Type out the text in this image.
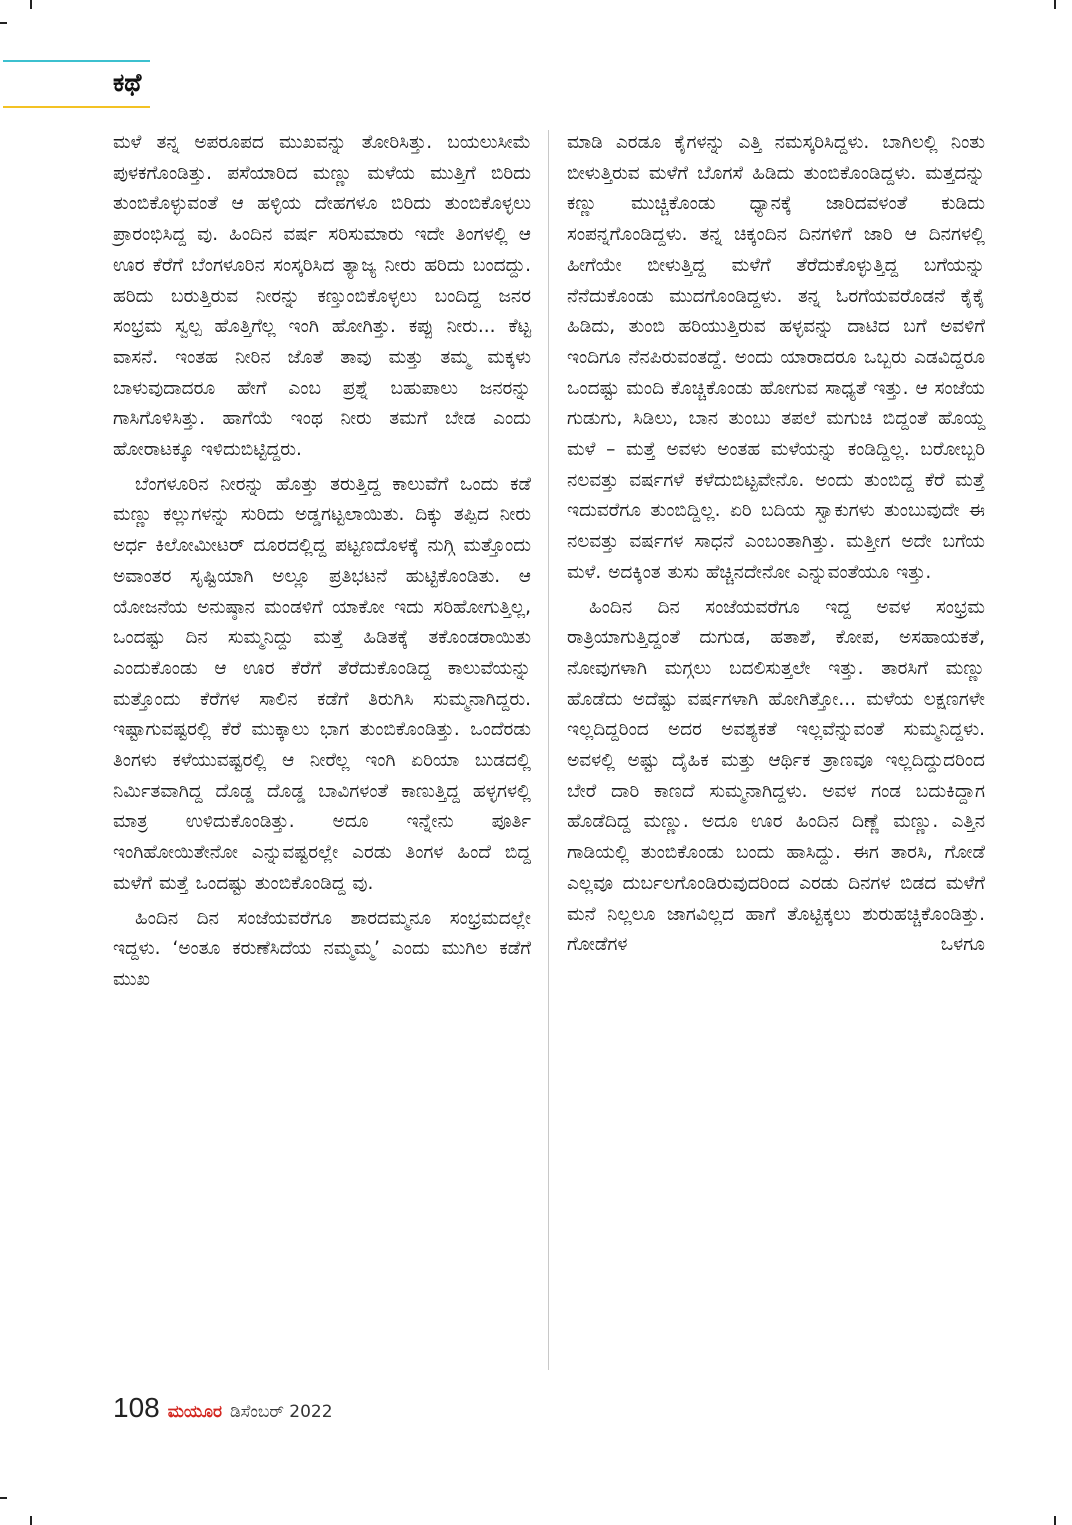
ಕಥೆ

ಮಳೆ ತನ್ನ ಅಪರೂಪದ ಮುಖವನ್ನು ತೋರಿಸಿತ್ತು. ಬಯಲುಸೀಮೆ ಪುಳಕಗೊಂಡಿತ್ತು. ಪಸೆಯಾರಿದ ಮಣ್ಣು ಮಳೆಯ ಮುತ್ತಿಗೆ ಬಿರಿದು ತುಂಬಿಕೊಳ್ಳುವಂತೆ ಆ ಹಳ್ಳಿಯ ದೇಹಗಳೂ ಬಿರಿದು ತುಂಬಿಕೊಳ್ಳಲು ಪ್ರಾರಂಭಿಸಿದ್ದ ವು. ಹಿಂದಿನ ವರ್ಷ ಸರಿಸುಮಾರು ಇದೇ ತಿಂಗಳಲ್ಲಿ ಆ ಊರ ಕೆರೆಗೆ ಬೆಂಗಳೂರಿನ ಸಂಸ್ಕರಿಸಿದ ತ್ಯಾಜ್ಯ ನೀರು ಹರಿದು ಬಂದದ್ದು. ಹರಿದು ಬರುತ್ತಿರುವ ನೀರನ್ನು ಕಣ್ತುಂಬಿಕೊಳ್ಳಲು ಬಂದಿದ್ದ ಜನರ ಸಂಭ್ರಮ ಸ್ವಲ್ಪ ಹೊತ್ತಿಗೆಲ್ಲ ಇಂಗಿ ಹೋಗಿತ್ತು. ಕಪ್ಪು ನೀರು... ಕೆಟ್ಟ ವಾಸನೆ. ಇಂತಹ ನೀರಿನ ಜೊತೆ ತಾವು ಮತ್ತು ತಮ್ಮ ಮಕ್ಕಳು ಬಾಳುವುದಾದರೂ ಹೇಗೆ ಎಂಬ ಪ್ರಶ್ನೆ ಬಹುಪಾಲು ಜನರನ್ನು ಗಾಸಿಗೊಳಿಸಿತ್ತು. ಹಾಗೆಯೆ ಇಂಥ ನೀರು ತಮಗೆ ಬೇಡ ಎಂದು ಹೋರಾಟಕ್ಕೂ ಇಳಿದುಬಿಟ್ಟಿದ್ದರು.

ಬೆಂಗಳೂರಿನ ನೀರನ್ನು ಹೊತ್ತು ತರುತ್ತಿದ್ದ ಕಾಲುವೆಗೆ ಒಂದು ಕಡೆ ಮಣ್ಣು ಕಲ್ಲುಗಳನ್ನು ಸುರಿದು ಅಡ್ಡಗಟ್ಟಲಾಯಿತು. ದಿಕ್ಕು ತಪ್ಪಿದ ನೀರು ಅರ್ಧ ಕಿಲೋಮೀಟರ್ ದೂರದಲ್ಲಿದ್ದ ಪಟ್ಟಣದೊಳಕ್ಕೆ ನುಗ್ಗಿ ಮತ್ತೊಂದು ಅವಾಂತರ ಸೃಷ್ಟಿಯಾಗಿ ಅಲ್ಲೂ ಪ್ರತಿಭಟನೆ ಹುಟ್ಟಿಕೊಂಡಿತು. ಆ ಯೋಜನೆಯ ಅನುಷ್ಠಾನ ಮಂಡಳಿಗೆ ಯಾಕೋ ಇದು ಸರಿಹೋಗುತ್ತಿಲ್ಲ, ಒಂದಷ್ಟು ದಿನ ಸುಮ್ಮನಿದ್ದು ಮತ್ತೆ ಹಿಡಿತಕ್ಕೆ ತಕೊಂಡರಾಯಿತು ಎಂದುಕೊಂಡು ಆ ಊರ ಕೆರೆಗೆ ತೆರೆದುಕೊಂಡಿದ್ದ ಕಾಲುವೆಯನ್ನು ಮತ್ತೊಂದು ಕೆರೆಗಳ ಸಾಲಿನ ಕಡೆಗೆ ತಿರುಗಿಸಿ ಸುಮ್ಮನಾಗಿದ್ದರು. ಇಷ್ಟಾಗುವಷ್ಟರಲ್ಲಿ ಕೆರೆ ಮುಕ್ಕಾಲು ಭಾಗ ತುಂಬಿಕೊಂಡಿತ್ತು. ಒಂದೆರಡು ತಿಂಗಳು ಕಳೆಯುವಷ್ಟರಲ್ಲಿ ಆ ನೀರೆಲ್ಲ ಇಂಗಿ ಏರಿಯಾ ಬುಡದಲ್ಲಿ ನಿರ್ಮಿತವಾಗಿದ್ದ ದೊಡ್ಡ ದೊಡ್ಡ ಬಾವಿಗಳಂತೆ ಕಾಣುತ್ತಿದ್ದ ಹಳ್ಳಗಳಲ್ಲಿ ಮಾತ್ರ ಉಳಿದುಕೊಂಡಿತ್ತು. ಅದೂ ಇನ್ನೇನು ಪೂರ್ತಿ ಇಂಗಿಹೋಯಿತೇನೋ ಎನ್ನುವಷ್ಟರಲ್ಲೇ ಎರಡು ತಿಂಗಳ ಹಿಂದೆ ಬಿದ್ದ ಮಳೆಗೆ ಮತ್ತೆ ಒಂದಷ್ಟು ತುಂಬಿಕೊಂಡಿದ್ದ ವು.

ಹಿಂದಿನ ದಿನ ಸಂಜೆಯವರೆಗೂ ಶಾರದಮ್ಮನೂ ಸಂಭ್ರಮದಲ್ಲೇ ಇದ್ದಳು. ‘ಅಂತೂ ಕರುಣೆಸಿದೆಯ ನಮ್ಮಮ್ಮ’ ಎಂದು ಮುಗಿಲ ಕಡೆಗೆ ಮುಖ

ಮಾಡಿ ಎರಡೂ ಕೈಗಳನ್ನು ಎತ್ತಿ ನಮಸ್ಕರಿಸಿದ್ದಳು. ಬಾಗಿಲಲ್ಲಿ ನಿಂತು ಬೀಳುತ್ತಿರುವ ಮಳೆಗೆ ಬೊಗಸೆ ಹಿಡಿದು ತುಂಬಿಕೊಂಡಿದ್ದಳು. ಮತ್ತದನ್ನು ಕಣ್ಣು ಮುಚ್ಚಿಕೊಂಡು ಧ್ಯಾನಕ್ಕೆ ಜಾರಿದವಳಂತೆ ಕುಡಿದು ಸಂಪನ್ನಗೊಂಡಿದ್ದಳು. ತನ್ನ ಚಿಕ್ಕಂದಿನ ದಿನಗಳಿಗೆ ಜಾರಿ ಆ ದಿನಗಳಲ್ಲಿ ಹೀಗೆಯೇ ಬೀಳುತ್ತಿದ್ದ ಮಳೆಗೆ ತೆರೆದುಕೊಳ್ಳುತ್ತಿದ್ದ ಬಗೆಯನ್ನು ನೆನೆದುಕೊಂಡು ಮುದಗೊಂಡಿದ್ದಳು. ತನ್ನ ಓರಗೆಯವರೊಡನೆ ಕೈಕೈ ಹಿಡಿದು, ತುಂಬಿ ಹರಿಯುತ್ತಿರುವ ಹಳ್ಳವನ್ನು ದಾಟಿದ ಬಗೆ ಅವಳಿಗೆ ಇಂದಿಗೂ ನೆನಪಿರುವಂತದ್ದೆ. ಅಂದು ಯಾರಾದರೂ ಒಬ್ಬರು ಎಡವಿದ್ದರೂ ಒಂದಷ್ಟು ಮಂದಿ ಕೊಚ್ಚಿಕೊಂಡು ಹೋಗುವ ಸಾಧ್ಯತೆ ಇತ್ತು. ಆ ಸಂಜೆಯ ಗುಡುಗು, ಸಿಡಿಲು, ಬಾನ ತುಂಬು ತಪಲೆ ಮಗುಚಿ ಬಿದ್ದಂತೆ ಹೊಯ್ದ ಮಳೆ – ಮತ್ತೆ ಅವಳು ಅಂತಹ ಮಳೆಯನ್ನು ಕಂಡಿದ್ದಿಲ್ಲ. ಬರೋಬ್ಬರಿ ನಲವತ್ತು ವರ್ಷಗಳೆ ಕಳೆದುಬಿಟ್ಟವೇನೊ. ಅಂದು ತುಂಬಿದ್ದ ಕೆರೆ ಮತ್ತೆ ಇದುವರೆಗೂ ತುಂಬಿದ್ದಿಲ್ಲ. ಏರಿ ಬದಿಯ ಸ್ವಾಕುಗಳು ತುಂಬುವುದೇ ಈ ನಲವತ್ತು ವರ್ಷಗಳ ಸಾಧನೆ ಎಂಬಂತಾಗಿತ್ತು. ಮತ್ತೀಗ ಅದೇ ಬಗೆಯ ಮಳೆ. ಅದಕ್ಕಿಂತ ತುಸು ಹೆಚ್ಚಿನದೇನೋ ಎನ್ನುವಂತೆಯೂ ಇತ್ತು.

ಹಿಂದಿನ ದಿನ ಸಂಜೆಯವರೆಗೂ ಇದ್ದ ಅವಳ ಸಂಭ್ರಮ ರಾತ್ರಿಯಾಗುತ್ತಿದ್ದಂತೆ ದುಗುಡ, ಹತಾಶೆ, ಕೋಪ, ಅಸಹಾಯಕತೆ, ನೋವುಗಳಾಗಿ ಮಗ್ಗಲು ಬದಲಿಸುತ್ತಲೇ ಇತ್ತು. ತಾರಸಿಗೆ ಮಣ್ಣು ಹೊಡೆದು ಅದೆಷ್ಟು ವರ್ಷಗಳಾಗಿ ಹೋಗಿತ್ತೋ... ಮಳೆಯ ಲಕ್ಷಣಗಳೇ ಇಲ್ಲದಿದ್ದರಿಂದ ಅದರ ಅವಶ್ಯಕತೆ ಇಲ್ಲವೆನ್ನುವಂತೆ ಸುಮ್ಮನಿದ್ದಳು. ಅವಳಲ್ಲಿ ಅಷ್ಟು ದೈಹಿಕ ಮತ್ತು ಆರ್ಥಿಕ ತ್ರಾಣವೂ ಇಲ್ಲದಿದ್ದುದರಿಂದ ಬೇರೆ ದಾರಿ ಕಾಣದೆ ಸುಮ್ಮನಾಗಿದ್ದಳು. ಅವಳ ಗಂಡ ಬದುಕಿದ್ದಾಗ ಹೊಡೆದಿದ್ದ ಮಣ್ಣು. ಅದೂ ಊರ ಹಿಂದಿನ ದಿಣ್ಣೆ ಮಣ್ಣು. ಎತ್ತಿನ ಗಾಡಿಯಲ್ಲಿ ತುಂಬಿಕೊಂಡು ಬಂದು ಹಾಸಿದ್ದು. ಈಗ ತಾರಸಿ, ಗೋಡೆ ಎಲ್ಲವೂ ದುರ್ಬಲಗೊಂಡಿರುವುದರಿಂದ ಎರಡು ದಿನಗಳ ಬಿಡದ ಮಳೆಗೆ ಮನೆ ನಿಲ್ಲಲೂ ಜಾಗವಿಲ್ಲದ ಹಾಗೆ ತೊಟ್ಟಿಕ್ಕಲು ಶುರುಹಚ್ಚಿಕೊಂಡಿತ್ತು. ಗೋಡೆಗಳ ಒಳಗೂ

108 ಮಯೂರ ಡಿಸೆಂಬರ್ 2022
